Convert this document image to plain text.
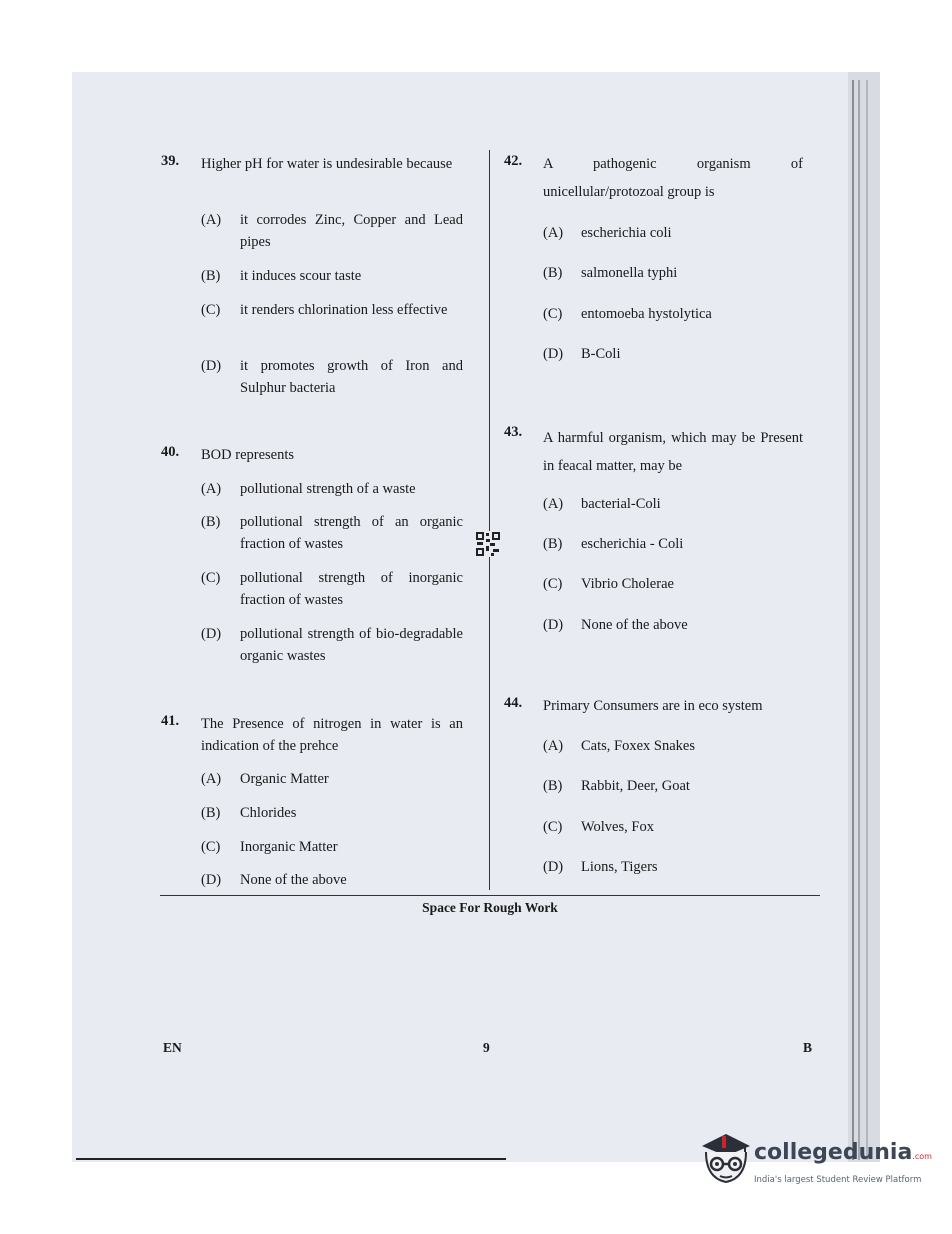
39. Higher pH for water is undesirable because
(A) it corrodes Zinc, Copper and Lead pipes
(B) it induces scour taste
(C) it renders chlorination less effective
(D) it promotes growth of Iron and Sulphur bacteria
40. BOD represents
(A) pollutional strength of a waste
(B) pollutional strength of an organic fraction of wastes
(C) pollutional strength of inorganic fraction of wastes
(D) pollutional strength of bio-degradable organic wastes
41. The Presence of nitrogen in water is an indication of the prehce
(A) Organic Matter
(B) Chlorides
(C) Inorganic Matter
(D) None of the above
42. A pathogenic organism of
unicellular/protozoal group is
(A) escherichia coli
(B) salmonella typhi
(C) entomoeba hystolytica
(D) B-Coli
43. A harmful organism, which may be Present in feacal matter, may be
(A) bacterial-Coli
(B) escherichia - Coli
(C) Vibrio Cholerae
(D) None of the above
44. Primary Consumers are in eco system
(A) Cats, Foxex Snakes
(B) Rabbit, Deer, Goat
(C) Wolves, Fox
(D) Lions, Tigers
Space For Rough Work
EN	9	B
collegedunia.com
India's largest Student Review Platform
